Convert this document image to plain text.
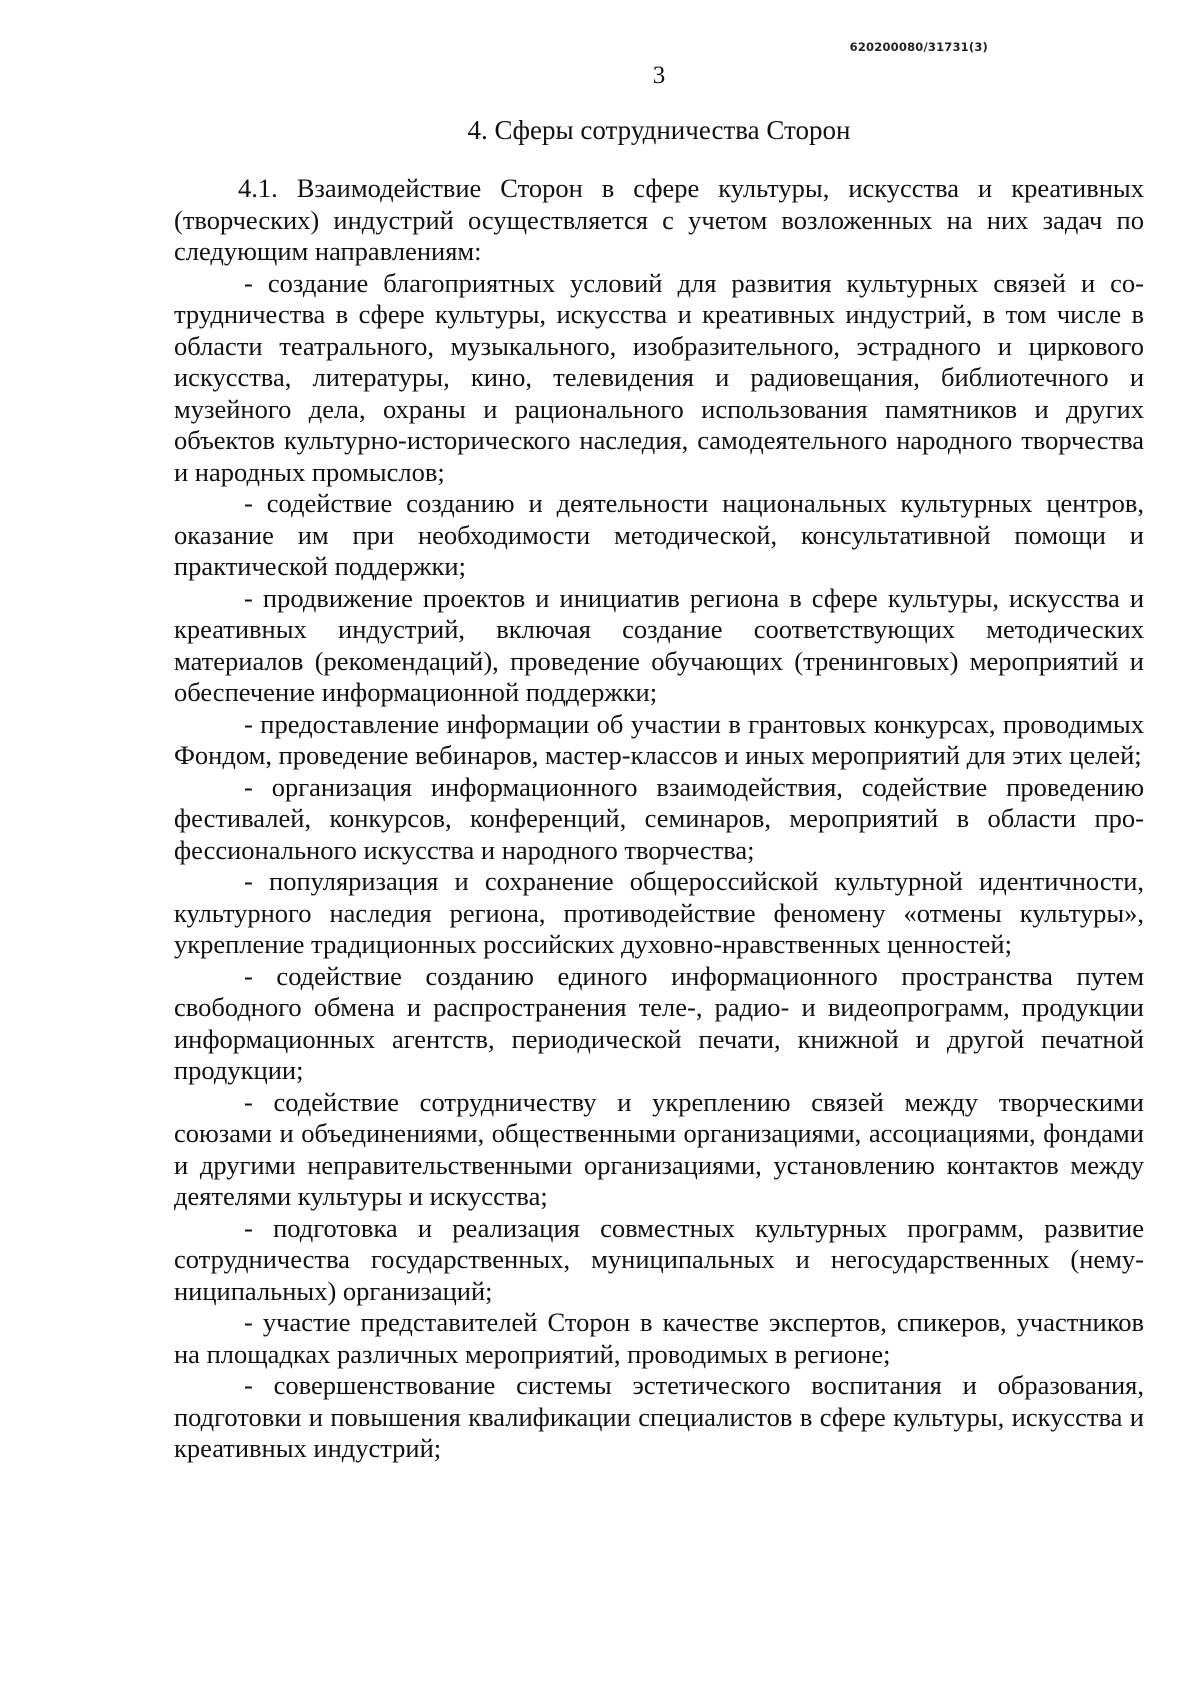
620200080/31731(3)
3
4. Сферы сотрудничества Сторон

4.1. Взаимодействие Сторон в сфере культуры, искусства и креативных (творческих) индустрий осуществляется с учетом возложенных на них задач по следующим направлениям:

- создание благоприятных условий для развития культурных связей и сотрудничества в сфере культуры, искусства и креативных индустрий, в том числе в области театрального, музыкального, изобразительного, эстрадного и циркового искусства, литературы, кино, телевидения и радиовещания, библиотечного и музейного дела, охраны и рационального использования памятников и других объектов культурно-исторического наследия, самодеятельного народного творчества и народных промыслов;

- содействие созданию и деятельности национальных культурных центров, оказание им при необходимости методической, консультативной помощи и практической поддержки;

- продвижение проектов и инициатив региона в сфере культуры, искусства и креативных индустрий, включая создание соответствующих методических материалов (рекомендаций), проведение обучающих (тренинговых) мероприятий и обеспечение информационной поддержки;

- предоставление информации об участии в грантовых конкурсах, проводимых Фондом, проведение вебинаров, мастер-классов и иных мероприятий для этих целей;

- организация информационного взаимодействия, содействие проведению фестивалей, конкурсов, конференций, семинаров, мероприятий в области профессионального искусства и народного творчества;

- популяризация и сохранение общероссийской культурной идентичности, культурного наследия региона, противодействие феномену «отмены культуры», укрепление традиционных российских духовно-нравственных ценностей;

- содействие созданию единого информационного пространства путем свободного обмена и распространения теле-, радио- и видеопрограмм, продукции информационных агентств, периодической печати, книжной и другой печатной продукции;

- содействие сотрудничеству и укреплению связей между творческими союзами и объединениями, общественными организациями, ассоциациями, фондами и другими неправительственными организациями, установлению контактов между деятелями культуры и искусства;

- подготовка и реализация совместных культурных программ, развитие сотрудничества государственных, муниципальных и негосударственных (немуниципальных) организаций;

- участие представителей Сторон в качестве экспертов, спикеров, участников на площадках различных мероприятий, проводимых в регионе;

- совершенствование системы эстетического воспитания и образования, подготовки и повышения квалификации специалистов в сфере культуры, искусства и креативных индустрий;
